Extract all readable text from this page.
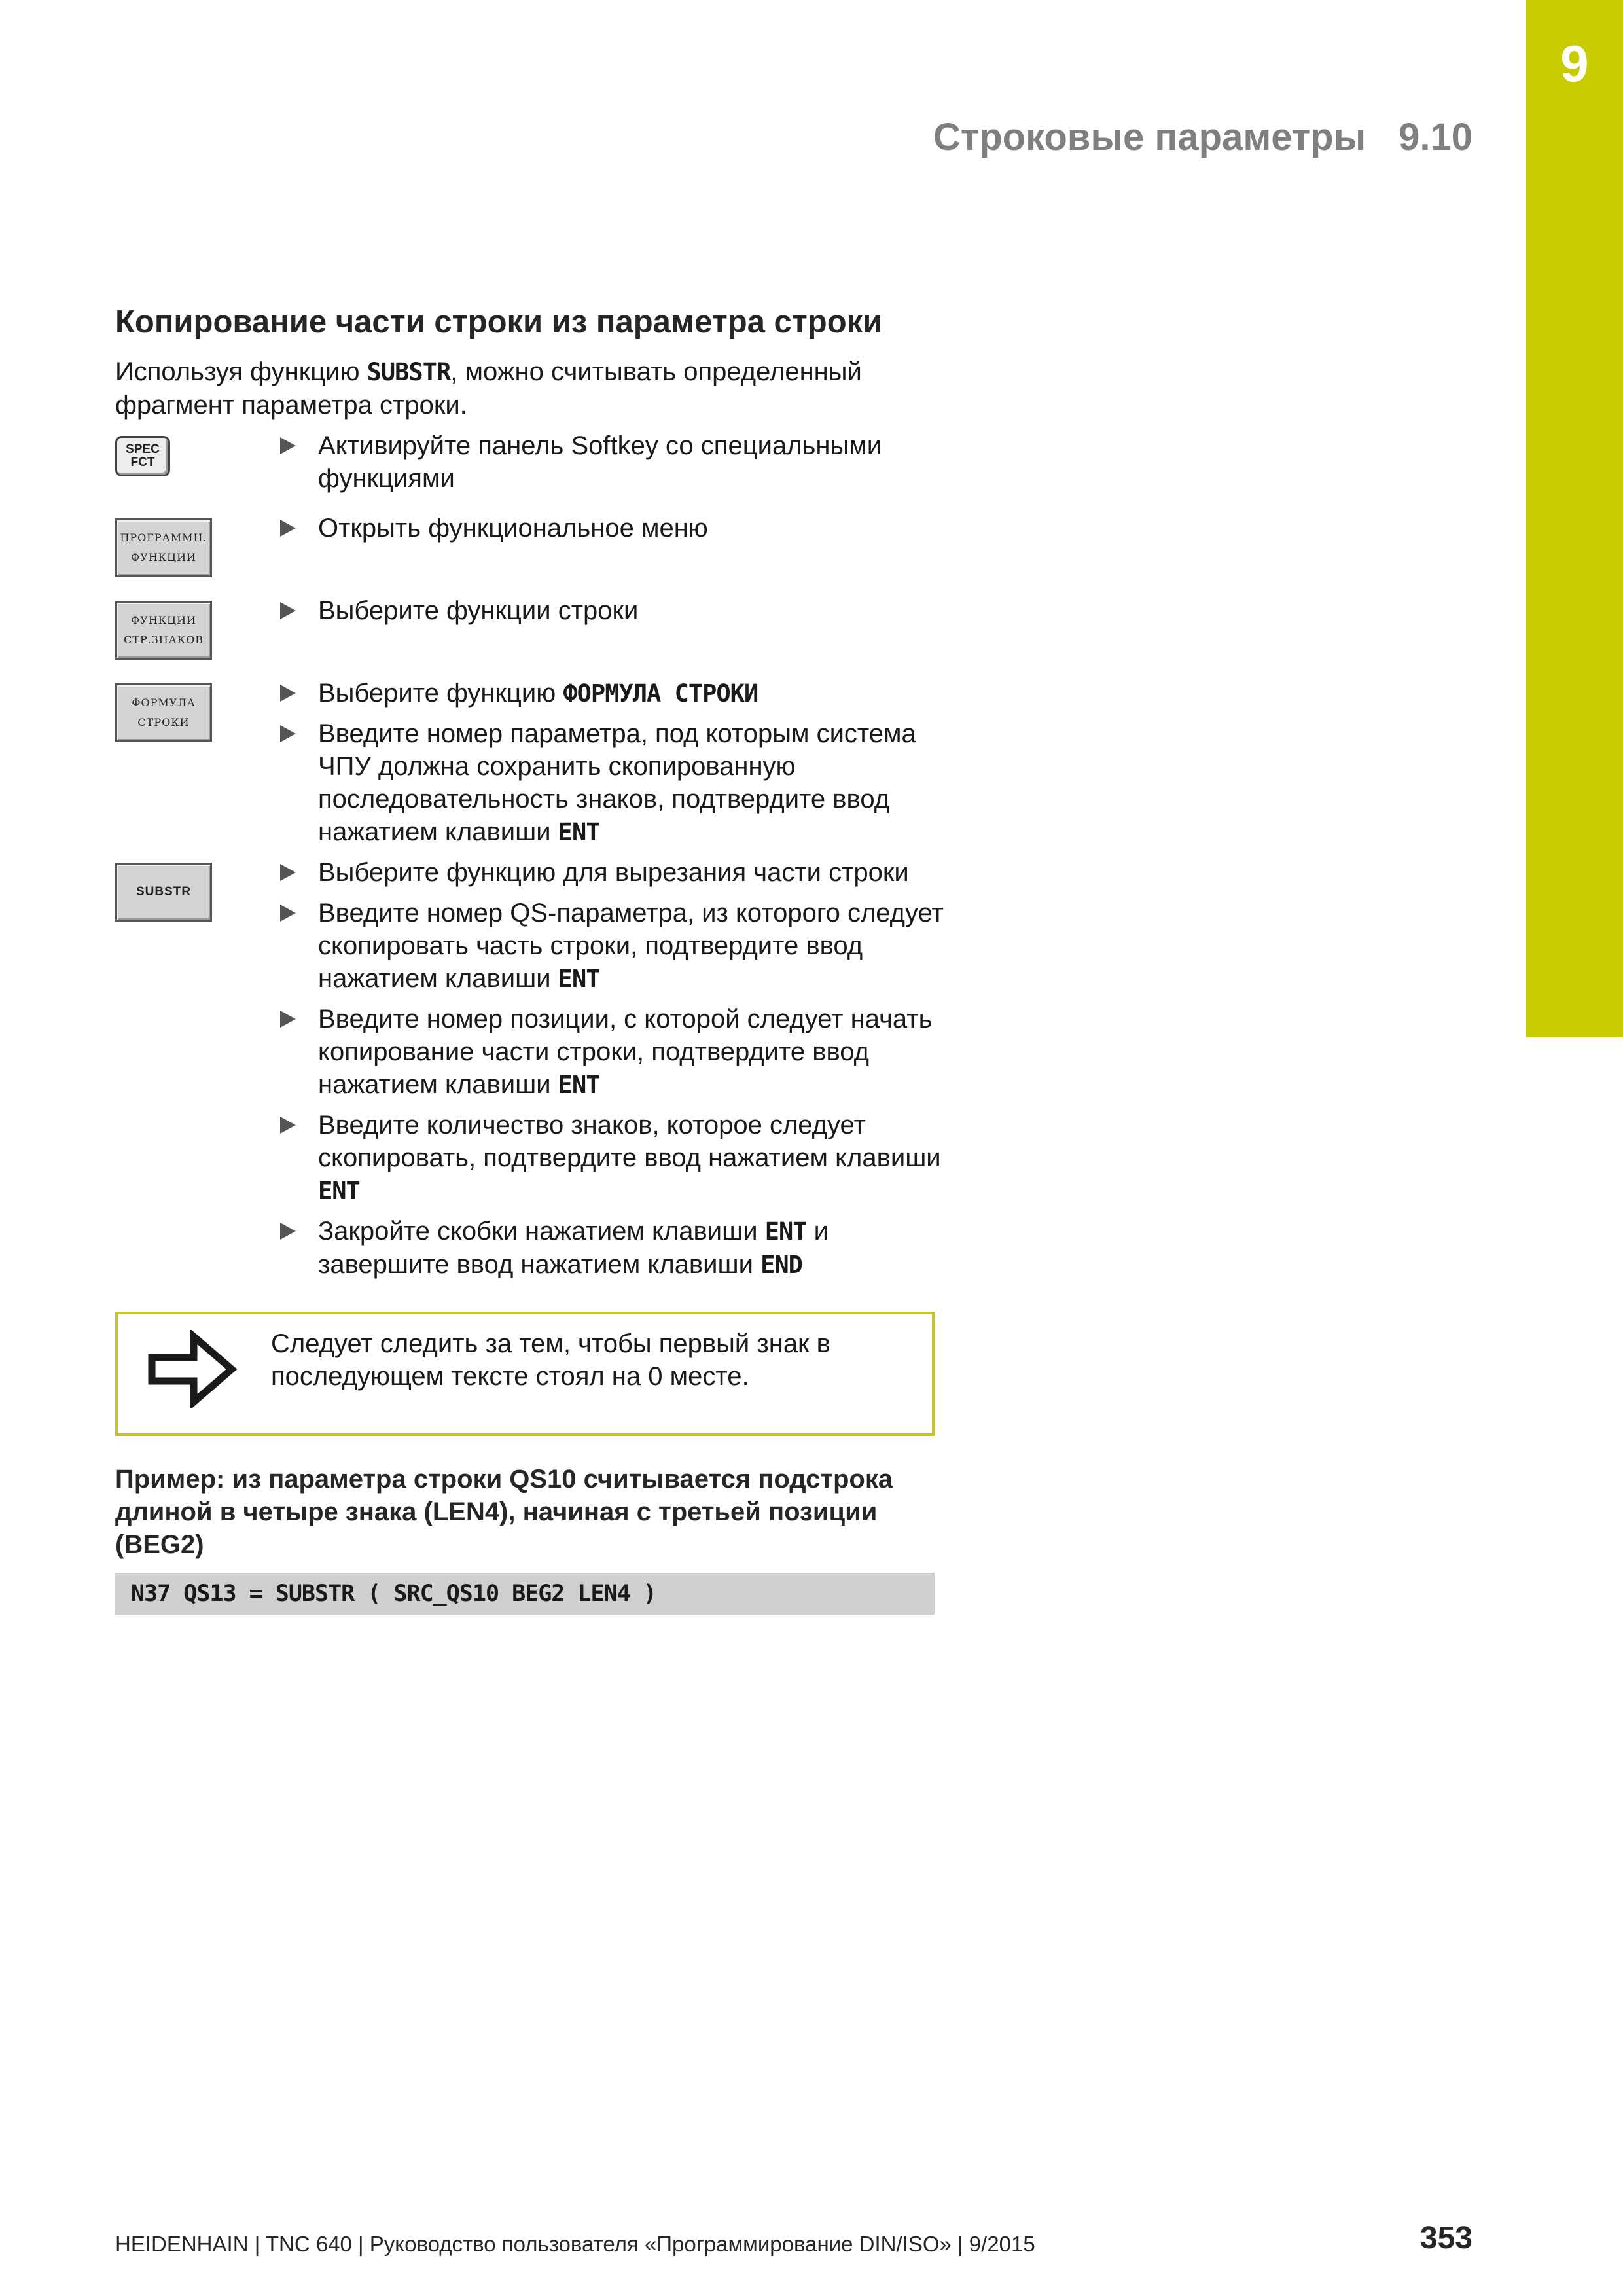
9
Строковые параметры 9.10
Копирование части строки из параметра строки
Используя функцию SUBSTR, можно считывать определенный фрагмент параметра строки.
SPEC
FCT
ПРОГРАММН.
ФУНКЦИИ
ФУНКЦИИ
СТР.ЗНАКОВ
ФОРМУЛА
СТРОКИ
SUBSTR
Активируйте панель Softkey со специальными функциями
Открыть функциональное меню
Выберите функции строки
Выберите функцию ФОРМУЛА СТРОКИ
Введите номер параметра, под которым система ЧПУ должна сохранить скопированную последовательность знаков, подтвердите ввод нажатием клавиши ENT
Выберите функцию для вырезания части строки
Введите номер QS-параметра, из которого следует скопировать часть строки, подтвердите ввод нажатием клавиши ENT
Введите номер позиции, с которой следует начать копирование части строки, подтвердите ввод нажатием клавиши ENT
Введите количество знаков, которое следует скопировать, подтвердите ввод нажатием клавиши ENT
Закройте скобки нажатием клавиши ENT и завершите ввод нажатием клавиши END
Следует следить за тем, чтобы первый знак в последующем тексте стоял на 0 месте.
Пример: из параметра строки QS10 считывается подстрока длиной в четыре знака (LEN4), начиная с третьей позиции (BEG2)
N37 QS13 = SUBSTR ( SRC_QS10 BEG2 LEN4 )
HEIDENHAIN | TNC 640 | Руководство пользователя «Программирование DIN/ISO» | 9/2015	353
